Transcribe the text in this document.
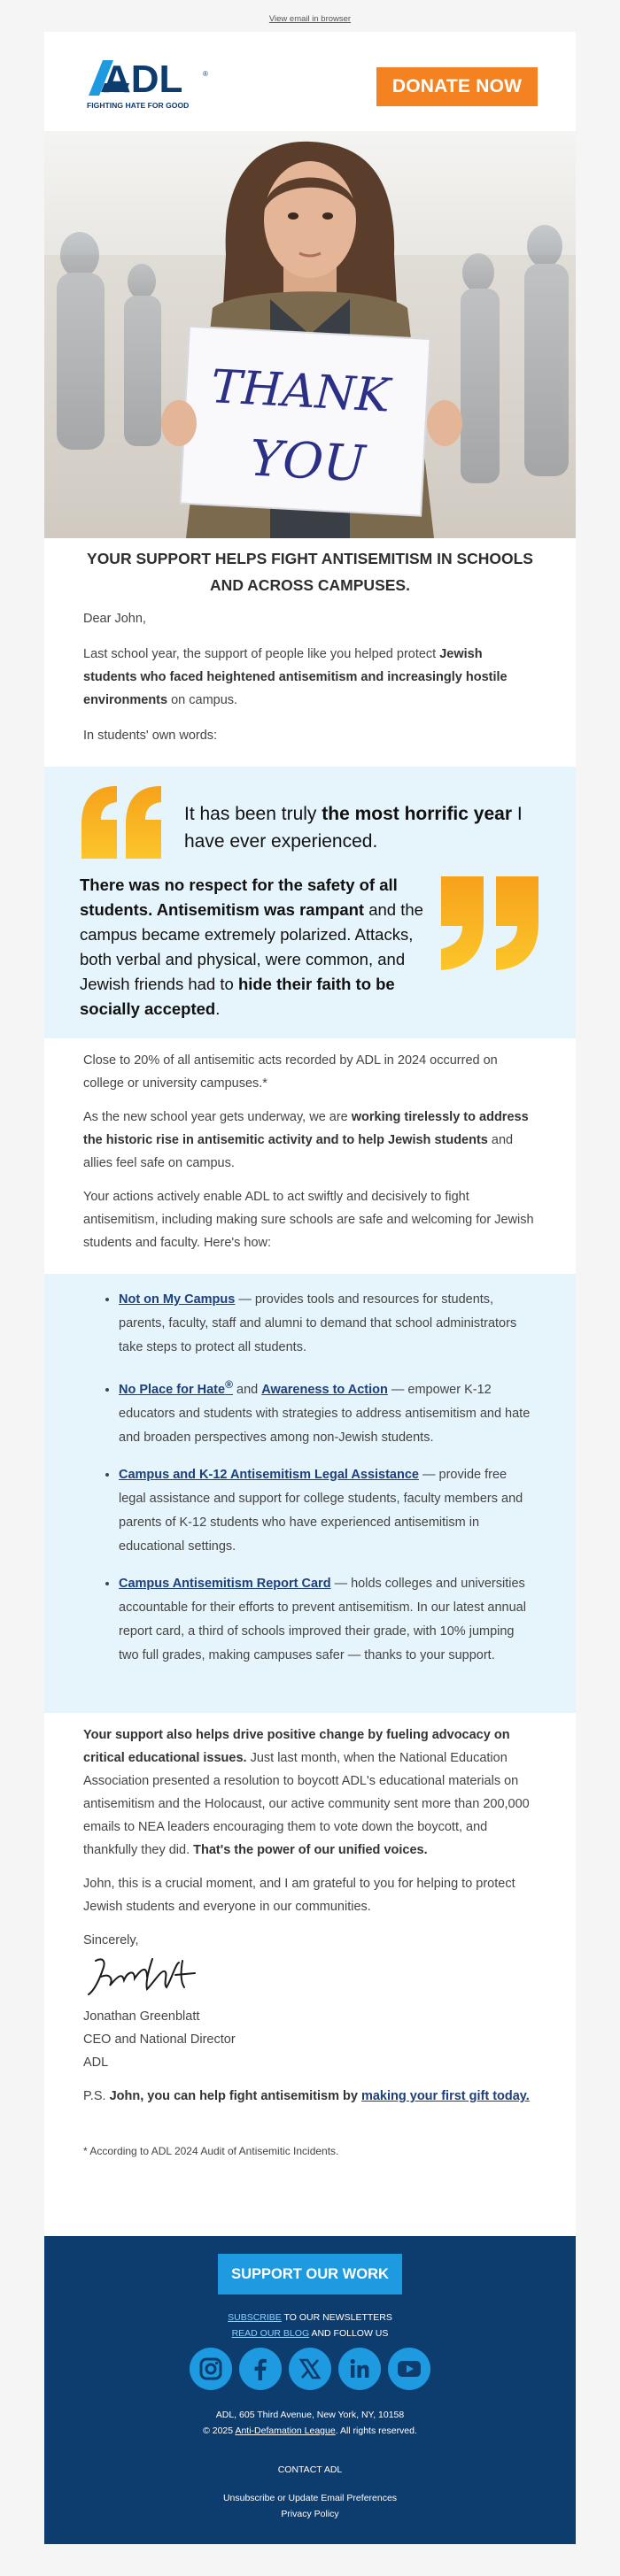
View email in browser
ADL	®
FIGHTING HATE FOR GOOD
DONATE NOW
THANK
YOU
YOUR SUPPORT HELPS FIGHT ANTISEMITISM IN SCHOOLS AND ACROSS CAMPUSES.
Dear John,
Last school year, the support of people like you helped protect Jewish students who faced heightened antisemitism and increasingly hostile environments on campus.
In students' own words:
It has been truly the most horrific year I have ever experienced.
There was no respect for the safety of all students. Antisemitism was rampant and the campus became extremely polarized. Attacks, both verbal and physical, were common, and Jewish friends had to hide their faith to be socially accepted.
Close to 20% of all antisemitic acts recorded by ADL in 2024 occurred on college or university campuses.*
As the new school year gets underway, we are working tirelessly to address the historic rise in antisemitic activity and to help Jewish students and allies feel safe on campus.
Your actions actively enable ADL to act swiftly and decisively to fight antisemitism, including making sure schools are safe and welcoming for Jewish students and faculty. Here's how:
• Not on My Campus — provides tools and resources for students, parents, faculty, staff and alumni to demand that school administrators take steps to protect all students.
• No Place for Hate® and Awareness to Action — empower K-12 educators and students with strategies to address antisemitism and hate and broaden perspectives among non-Jewish students.
• Campus and K-12 Antisemitism Legal Assistance — provide free legal assistance and support for college students, faculty members and parents of K-12 students who have experienced antisemitism in educational settings.
• Campus Antisemitism Report Card — holds colleges and universities accountable for their efforts to prevent antisemitism. In our latest annual report card, a third of schools improved their grade, with 10% jumping two full grades, making campuses safer — thanks to your support.
Your support also helps drive positive change by fueling advocacy on critical educational issues. Just last month, when the National Education Association presented a resolution to boycott ADL's educational materials on antisemitism and the Holocaust, our active community sent more than 200,000 emails to NEA leaders encouraging them to vote down the boycott, and thankfully they did. That's the power of our unified voices.
John, this is a crucial moment, and I am grateful to you for helping to protect Jewish students and everyone in our communities.
Sincerely,
Jntn Gltt
Jonathan Greenblatt
CEO and National Director
ADL
P.S. John, you can help fight antisemitism by making your first gift today.
* According to ADL 2024 Audit of Antisemitic Incidents.
SUPPORT OUR WORK
SUBSCRIBE TO OUR NEWSLETTERS
READ OUR BLOG AND FOLLOW US
ADL, 605 Third Avenue, New York, NY, 10158
© 2025 Anti-Defamation League. All rights reserved.
CONTACT ADL
Unsubscribe or Update Email Preferences
Privacy Policy
